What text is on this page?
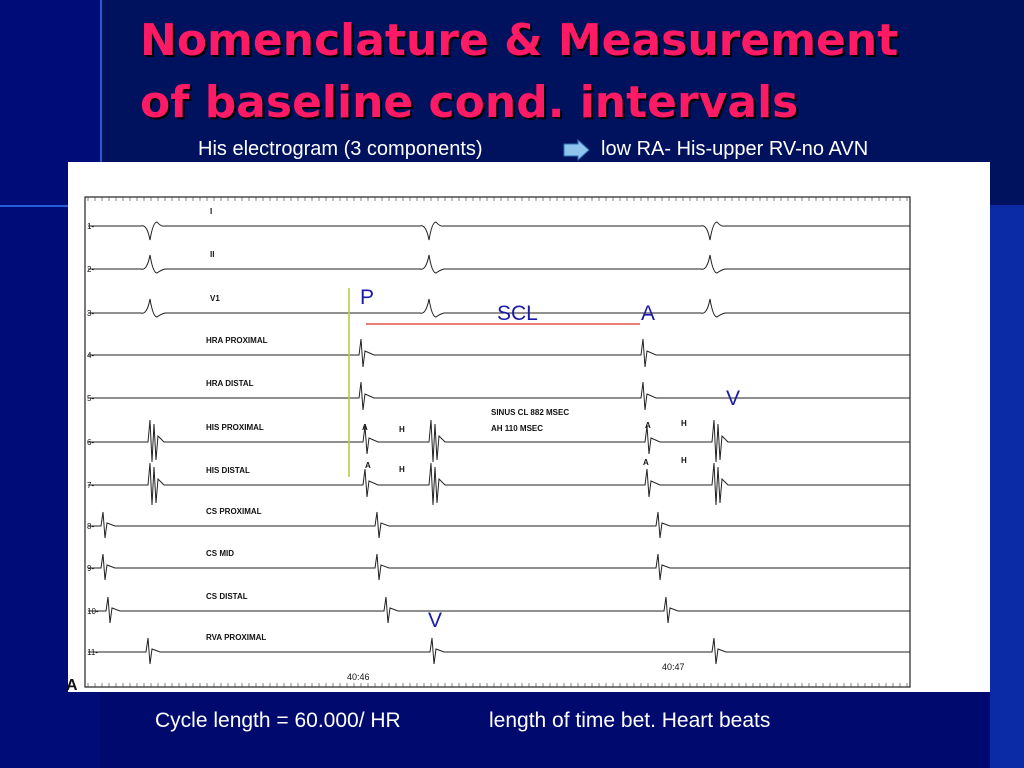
Nomenclature & Measurement
of baseline cond. intervals
His electrogram (3 components)	low RA- His-upper RV-no AVN
1-
I
2-
II
3-
V1
4-
HRA PROXIMAL
5-
HRA DISTAL
6-
HIS PROXIMAL
7-
HIS DISTAL
8-
CS PROXIMAL
9-
CS MID
10-
CS DISTAL
11-
RVA PROXIMAL
A	H	A	H
A	H
A	H
SINUS CL 882 MSEC
AH 110 MSEC
40:46
40:47
A
P
SCL	A
V
V
Cycle length = 60.000/ HR	length of time bet. Heart beats
